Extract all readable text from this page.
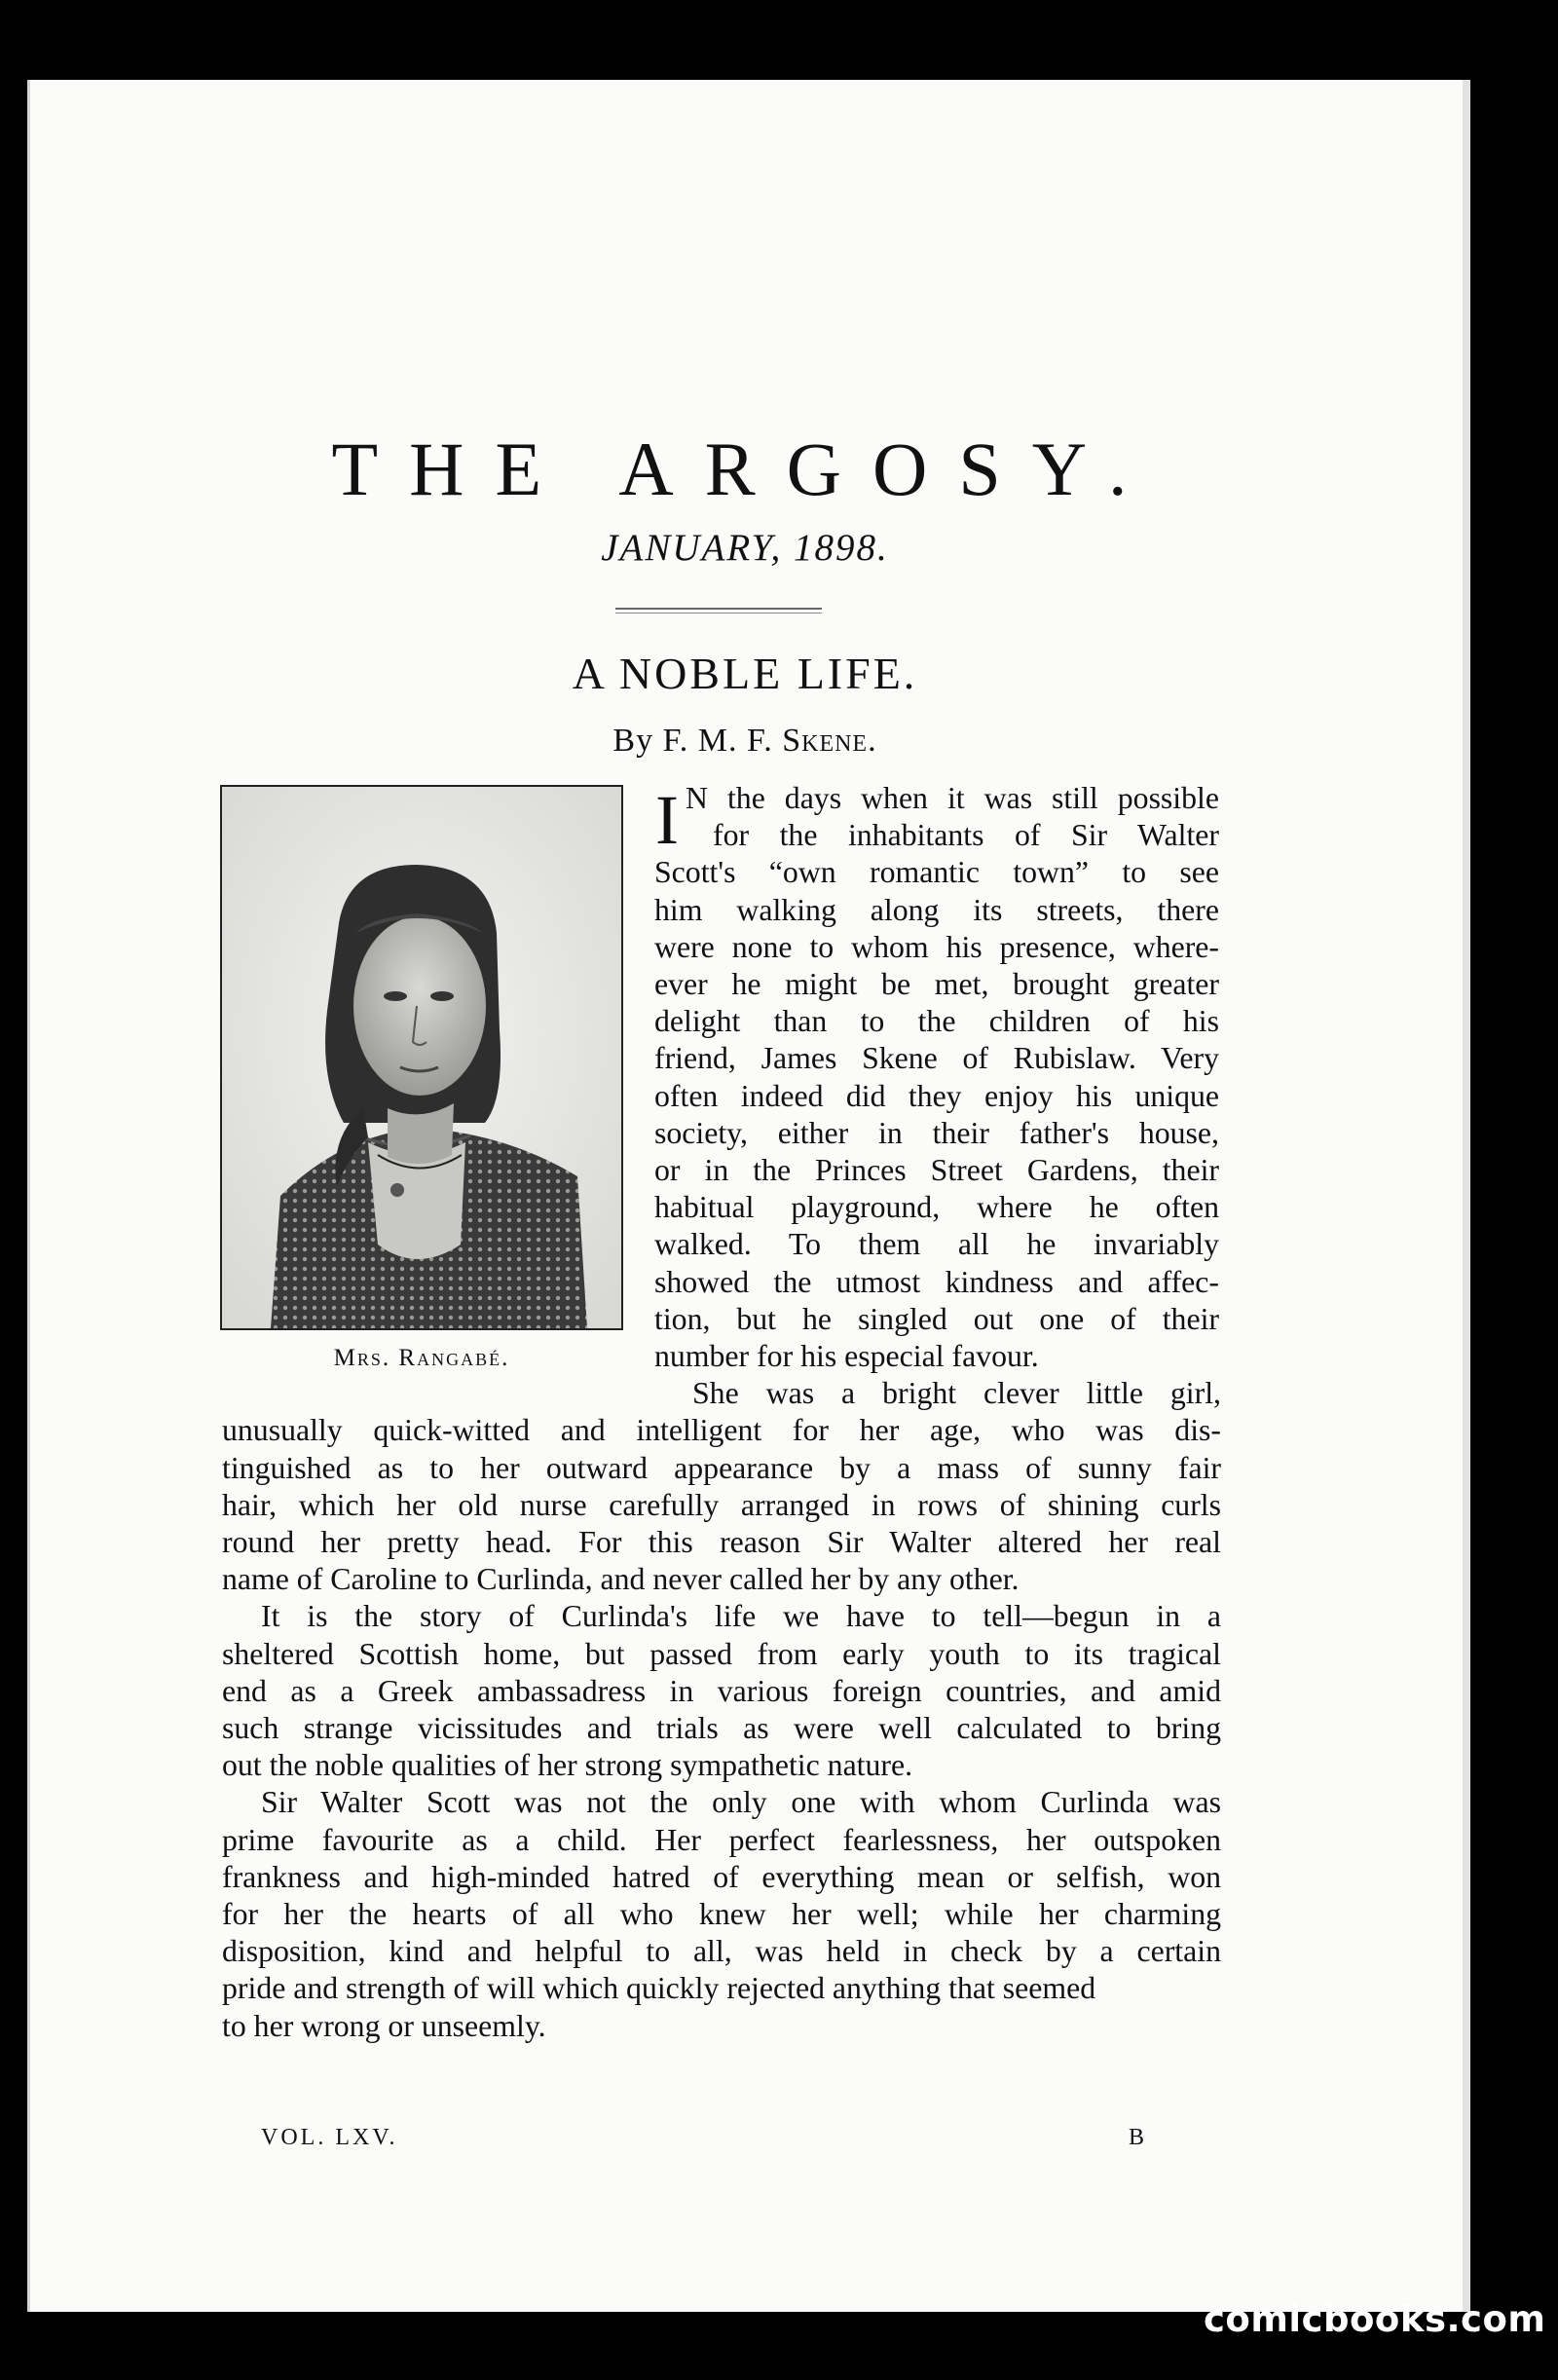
THE ARGOSY.
JANUARY, 1898.
A NOBLE LIFE.
By F. M. F. Skene.
Mrs. Rangabé.
I N the days when it was still possible
for the inhabitants of Sir Walter
Scott's “own romantic town” to see
him walking along its streets, there
were none to whom his presence, where-
ever he might be met, brought greater
delight than to the children of his
friend, James Skene of Rubislaw. Very
often indeed did they enjoy his unique
society, either in their father's house,
or in the Princes Street Gardens, their
habitual playground, where he often
walked. To them all he invariably
showed the utmost kindness and affec-
tion, but he singled out one of their
number for his especial favour.
She was a bright clever little girl,
unusually quick-witted and intelligent for her age, who was dis-
tinguished as to her outward appearance by a mass of sunny fair
hair, which her old nurse carefully arranged in rows of shining curls
round her pretty head. For this reason Sir Walter altered her real
name of Caroline to Curlinda, and never called her by any other.
It is the story of Curlinda's life we have to tell—begun in a
sheltered Scottish home, but passed from early youth to its tragical
end as a Greek ambassadress in various foreign countries, and amid
such strange vicissitudes and trials as were well calculated to bring
out the noble qualities of her strong sympathetic nature.
Sir Walter Scott was not the only one with whom Curlinda was
prime favourite as a child. Her perfect fearlessness, her outspoken
frankness and high-minded hatred of everything mean or selfish, won
for her the hearts of all who knew her well; while her charming
disposition, kind and helpful to all, was held in check by a certain
pride and strength of will which quickly rejected anything that seemed
to her wrong or unseemly.
VOL. LXV.	B
comicbooks.com
